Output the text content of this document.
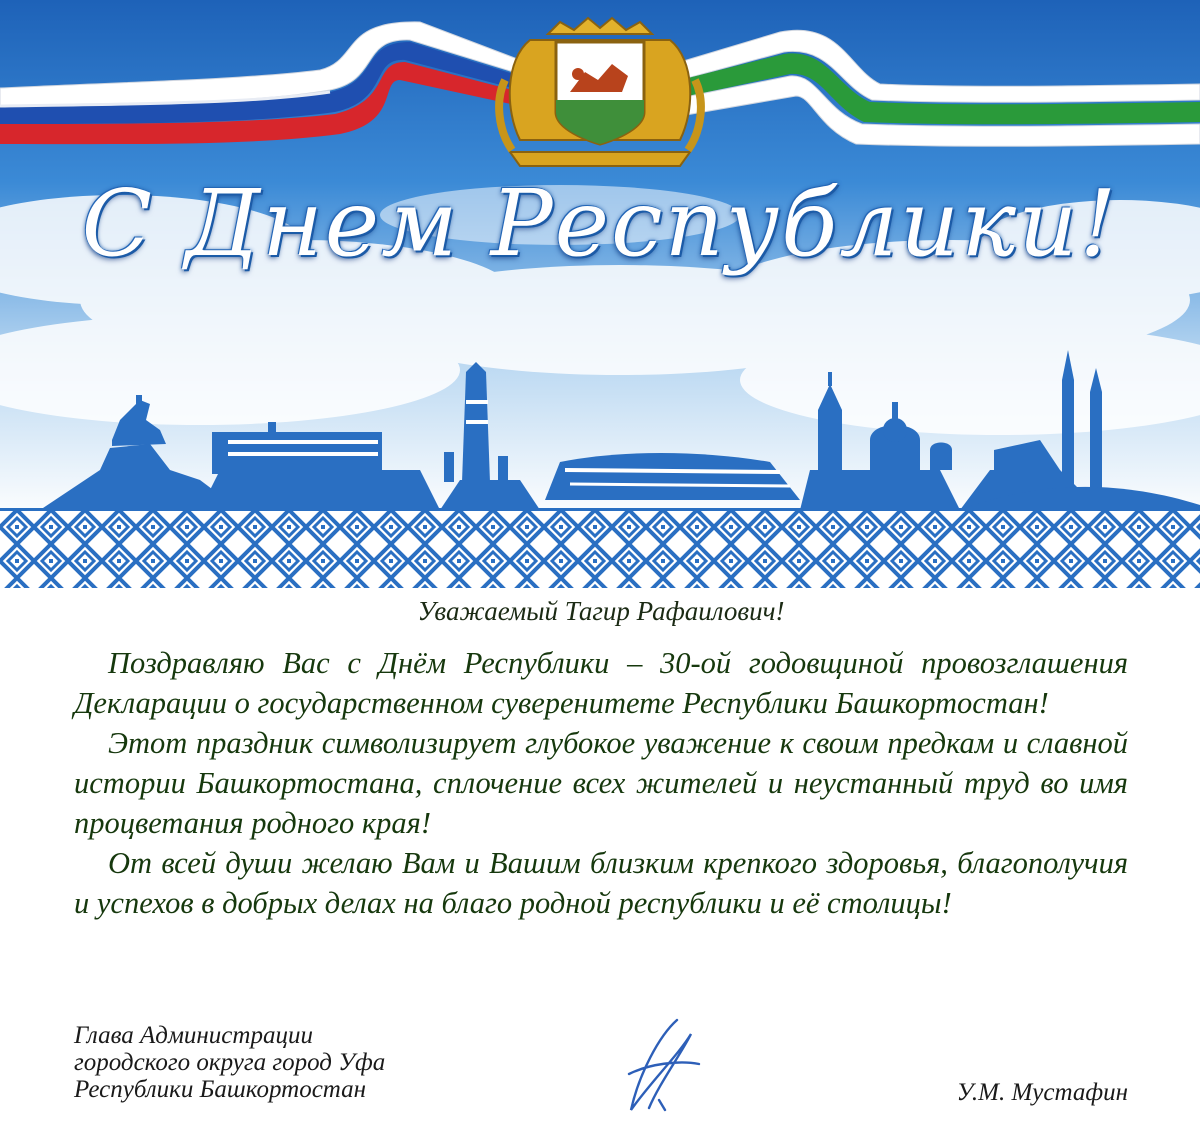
С Днем Республики!

Уважаемый Тагир Рафаилович!

Поздравляю Вас с Днём Республики – 30-ой годовщиной провозглашения Декларации о государственном суверенитете Республики Башкортостан!

Этот праздник символизирует глубокое уважение к своим предкам и славной истории Башкортостана, сплочение всех жителей и неустанный труд во имя процветания родного края!

От всей души желаю Вам и Вашим близким крепкого здоровья, благополучия и успехов в добрых делах на благо родной республики и её столицы!

Глава Администрации

городского округа город Уфа

Республики Башкортостан	У.М. Мустафин
